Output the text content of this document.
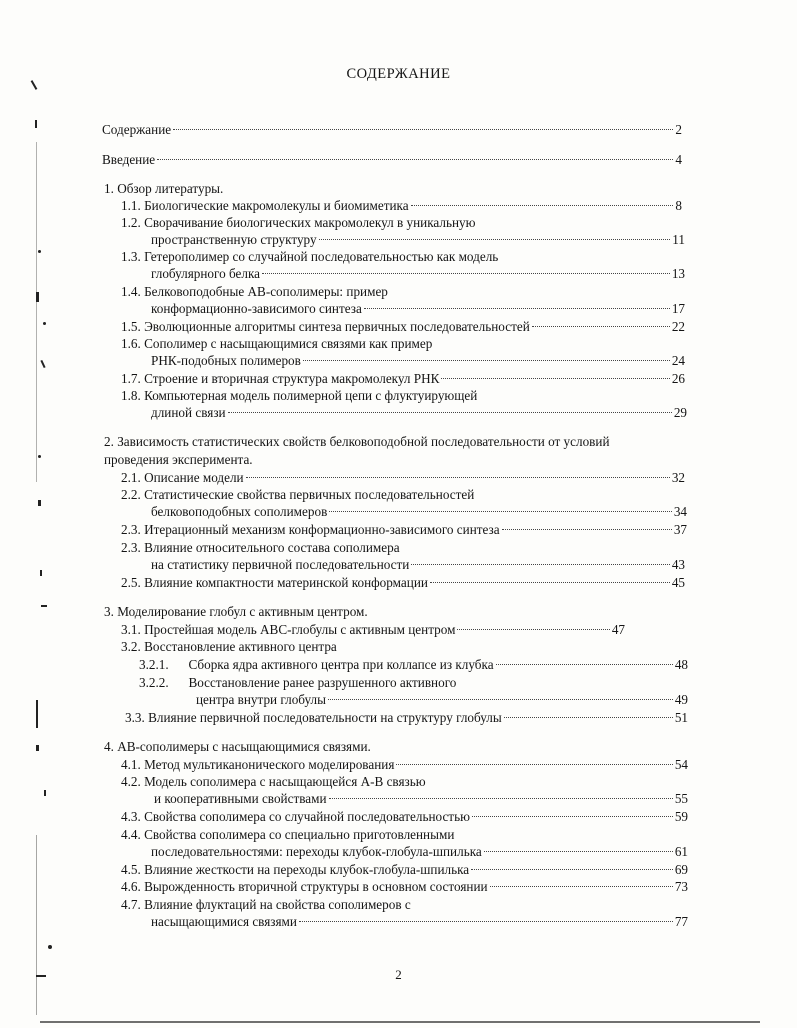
СОДЕРЖАНИЕ
Содержание	2
Введение	4
1. Обзор литературы.
1.1. Биологические макромолекулы и биомиметика	8
1.2. Сворачивание биологических макромолекул в уникальную
пространственную структуру	11
1.3. Гетерополимер со случайной последовательностью как модель
глобулярного белка	13
1.4. Белковоподобные АВ-сополимеры: пример
конформационно-зависимого синтеза	17
1.5. Эволюционные алгоритмы синтеза первичных последовательностей	22
1.6. Сополимер с насыщающимися связями как пример
РНК-подобных полимеров	24
1.7. Строение и вторичная структура макромолекул РНК	26
1.8. Компьютерная модель полимерной цепи с флуктуирующей
длиной связи	29
2. Зависимость статистических свойств белковоподобной последовательности от условий
проведения эксперимента.
2.1. Описание модели	32
2.2. Статистические свойства первичных последовательностей
белковоподобных сополимеров	34
2.3. Итерационный механизм конформационно-зависимого синтеза	37
2.3. Влияние относительного состава сополимера
на статистику первичной последовательности	43
2.5. Влияние компактности материнской конформации	45
3. Моделирование глобул с активным центром.
3.1. Простейшая модель ABC-глобулы с активным центром	47
3.2. Восстановление активного центра
3.2.1.      Сборка ядра активного центра при коллапсе из клубка	48
3.2.2.      Восстановление ранее разрушенного активного
центра внутри глобулы	49
3.3. Влияние первичной последовательности на структуру глобулы	51
4. АВ-сополимеры с насыщающимися связями.
4.1. Метод мультиканонического моделирования	54
4.2. Модель сополимера с насыщающейся А-В связью
и кооперативными свойствами	55
4.3. Свойства сополимера со случайной последовательностью	59
4.4. Свойства сополимера со специально приготовленными
последовательностями: переходы клубок-глобула-шпилька	61
4.5. Влияние жесткости на переходы клубок-глобула-шпилька	69
4.6. Вырожденность вторичной структуры в основном состоянии	73
4.7. Влияние флуктаций на свойства сополимеров с
насыщающимися связями	77
2
